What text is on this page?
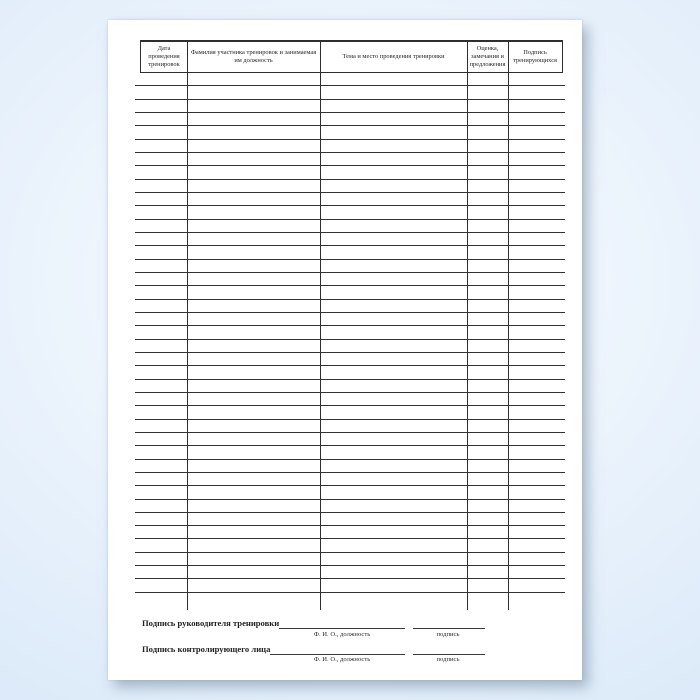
Дата проведения тренировок
Фамилия участника тренировок и занимаемая им должность
Тема и место проведения тренировки
Оценка, замечания и предложения
Подпись тренирующихся
Подпись руководителя тренировки
Ф. И. О., должность	подпись
Подпись контролирующего лица
Ф. И. О., должность	подпись
